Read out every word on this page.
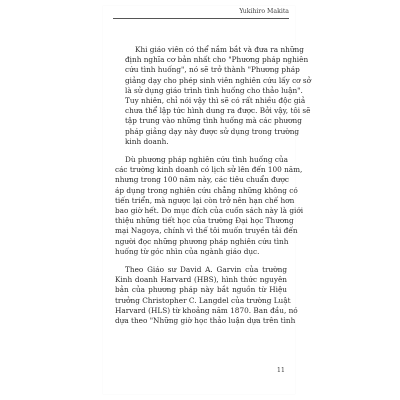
Yukihiro Makita
Khi giáo viên có thể nắm bắt và đưa ra những
định nghĩa cơ bản nhất cho "Phương pháp nghiên
cứu tình huống", nó sẽ trở thành "Phương pháp
giảng dạy cho phép sinh viên nghiên cứu lấy cơ sở
là sử dụng giáo trình tình huống cho thảo luận".
Tuy nhiên, chỉ nói vậy thì sẽ có rất nhiều độc giả
chưa thể lập tức hình dung ra được. Bởi vậy, tôi sẽ
tập trung vào những tình huống mà các phương
pháp giảng dạy này được sử dụng trong trường
kinh doanh.
Dù phương pháp nghiên cứu tình huống của
các trường kinh doanh có lịch sử lên đến 100 năm,
nhưng trong 100 năm này, các tiêu chuẩn được
áp dụng trong nghiên cứu chẳng những không có
tiến triển, mà ngược lại còn trở nên hạn chế hơn
bao giờ hết. Do mục đích của cuốn sách này là giới
thiệu những tiết học của trường Đại học Thương
mại Nagoya, chính vì thế tôi muốn truyền tải đến
người đọc những phương pháp nghiên cứu tình
huống từ góc nhìn của ngành giáo dục.
Theo Giáo sư David A. Garvin của trường
Kinh doanh Harvard (HBS), hình thức nguyên
bản của phương pháp này bắt nguồn từ Hiệu
trưởng Christopher C. Langdel của trường Luật
Harvard (HLS) từ khoảng năm 1870. Ban đầu, nó
dựa theo "Những giờ học thảo luận dựa trên tình
11
